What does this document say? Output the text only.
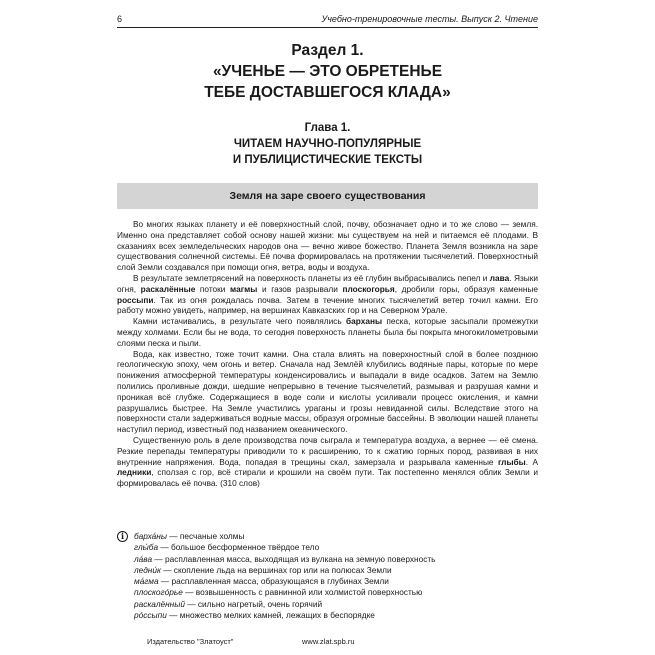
6	Учебно-тренировочные тесты. Выпуск 2. Чтение
Раздел 1.
«УЧЕНЬЕ — ЭТО ОБРЕТЕНЬЕ
ТЕБЕ ДОСТАВШЕГОСЯ КЛАДА»
Глава 1.
ЧИТАЕМ НАУЧНО-ПОПУЛЯРНЫЕ
И ПУБЛИЦИСТИЧЕСКИЕ ТЕКСТЫ
Земля на заре своего существования

Во многих языках планету и её поверхностный слой, почву, обозначает одно и то же слово — земля. Именно она представляет собой основу нашей жизни: мы существуем на ней и питаемся её плодами. В сказаниях всех земледельческих народов она — вечно живое божество. Планета Земля возникла на заре существования солнечной системы. Её почва формировалась на протяжении тысячелетий. Поверхностный слой Земли создавался при помощи огня, ветра, воды и воздуха.

В результате землетрясений на поверхность планеты из её глубин выбрасывались пепел и лава. Языки огня, раскалённые потоки магмы и газов разрывали плоскогорья, дробили горы, образуя каменные россыпи. Так из огня рождалась почва. Затем в течение многих тысячелетий ветер точил камни. Его работу можно увидеть, например, на вершинах Кавказских гор и на Северном Урале.

Камни истачивались, в результате чего появлялись барханы песка, которые засыпали промежутки между холмами. Если бы не вода, то сегодня поверхность планеты была бы покрыта многокилометровыми слоями песка и пыли.

Вода, как известно, тоже точит камни. Она стала влиять на поверхностный слой в более позднюю геологическую эпоху, чем огонь и ветер. Сначала над Землёй клубились водяные пары, которые по мере понижения атмосферной температуры конденсировались и выпадали в виде осадков. Затем на Землю полились проливные дожди, шедшие непрерывно в течение тысячелетий, размывая и разрушая камни и проникая всё глубже. Содержащиеся в воде соли и кислоты усиливали процесс окисления, и камни разрушались быстрее. На Земле участились ураганы и грозы невиданной силы. Вследствие этого на поверхности стали задерживаться водные массы, образуя огромные бассейны. В эволюции нашей планеты наступил период, известный под названием океанического.

Существенную роль в деле производства почв сыграла и температура воздуха, а вернее — её смена. Резкие перепады температуры приводили то к расширению, то к сжатию горных пород, развивая в них внутренние напряжения. Вода, попадая в трещины скал, замерзала и разрывала каменные глыбы. А ледники, сползая с гор, всё стирали и крошили на своём пути. Так постепенно менялся облик Земли и формировалась её почва. (310 слов)

i	барха́ны — песчаные холмы
глы́ба — большое бесформенное твёрдое тело
ла́ва — расплавленная масса, выходящая из вулкана на земную поверхность
ледни́к — скопление льда на вершинах гор или на полюсах Земли
ма́гма — расплавленная масса, образующаяся в глубинах Земли
плоскогóрье — возвышенность с равнинной или холмистой поверхностью
раскалённый — сильно нагретый, очень горячий
рóссыпи — множество мелких камней, лежащих в беспорядке
Издательство "Златоуст"	www.zlat.spb.ru
